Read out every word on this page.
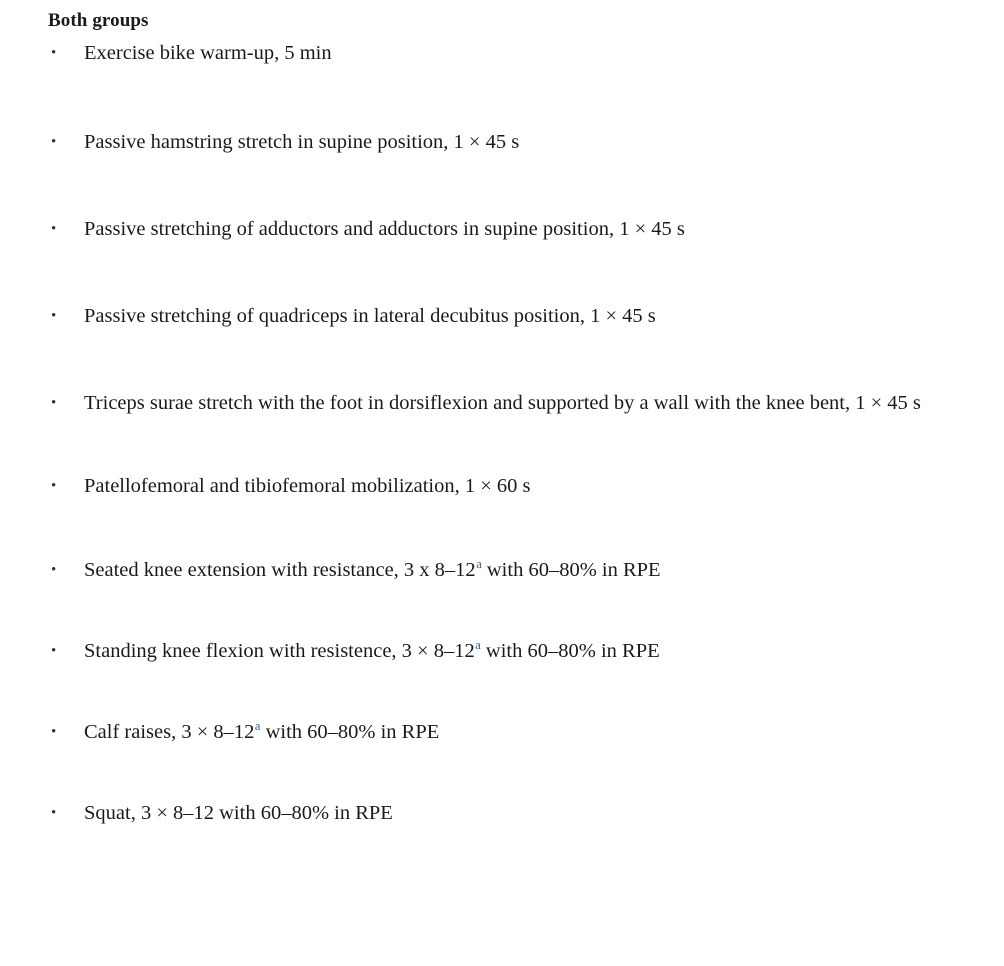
Both groups
• Exercise bike warm-up, 5 min
• Passive hamstring stretch in supine position, 1 × 45 s
• Passive stretching of adductors and adductors in supine position, 1 × 45 s
• Passive stretching of quadriceps in lateral decubitus position, 1 × 45 s
• Triceps surae stretch with the foot in dorsiflexion and supported by a wall with the knee bent, 1 × 45 s
• Patellofemoral and tibiofemoral mobilization, 1 × 60 s
• Seated knee extension with resistance, 3 x 8–12$^a$ with 60–80% in RPE
• Standing knee flexion with resistence, 3 × 8–12$^a$ with 60–80% in RPE
• Calf raises, 3 × 8–12$^a$ with 60–80% in RPE
• Squat, 3 × 8–12 with 60–80% in RPE
